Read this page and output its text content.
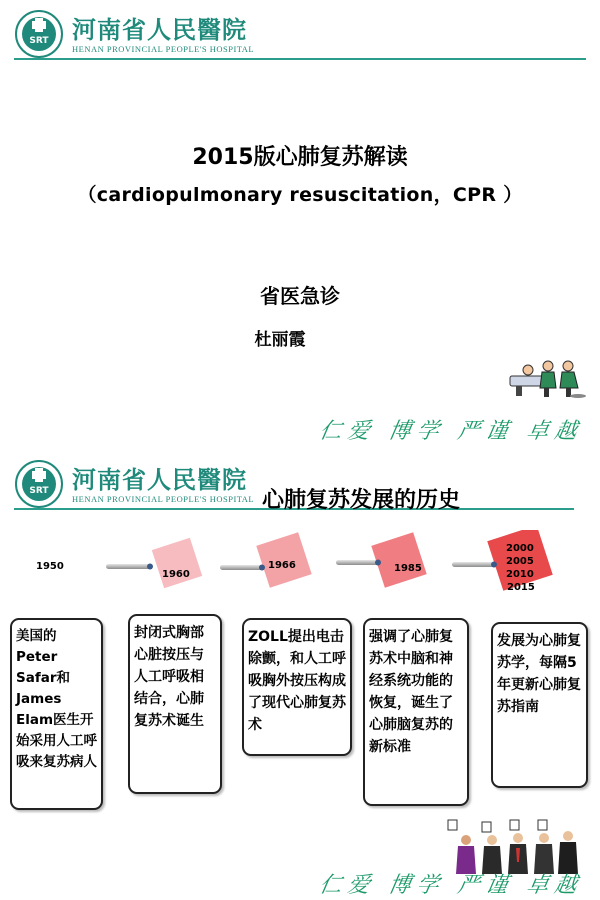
SRT 河南省人民醫院
HENAN PROVINCIAL PEOPLE'S HOSPITAL
2015版心肺复苏解读
（cardiopulmonary resuscitation，CPR ）
省医急诊
杜丽霞
仁爱 博学 严谨 卓越
SRT 河南省人民醫院
HENAN PROVINCIAL PEOPLE'S HOSPITAL 心肺复苏发展的历史
1950
1960
1966	1985
2000
2005
2010
2015
美国的Peter Safar和James Elam医生开始采用人工呼吸来复苏病人
封闭式胸部心脏按压与人工呼吸相结合，心肺复苏术诞生
ZOLL提出电击除颤，和人工呼吸胸外按压构成了现代心肺复苏术
强调了心肺复苏术中脑和神经系统功能的恢复，诞生了心肺脑复苏的新标准
发展为心肺复苏学，每隔5年更新心肺复苏指南
仁爱 博学 严谨 卓越
